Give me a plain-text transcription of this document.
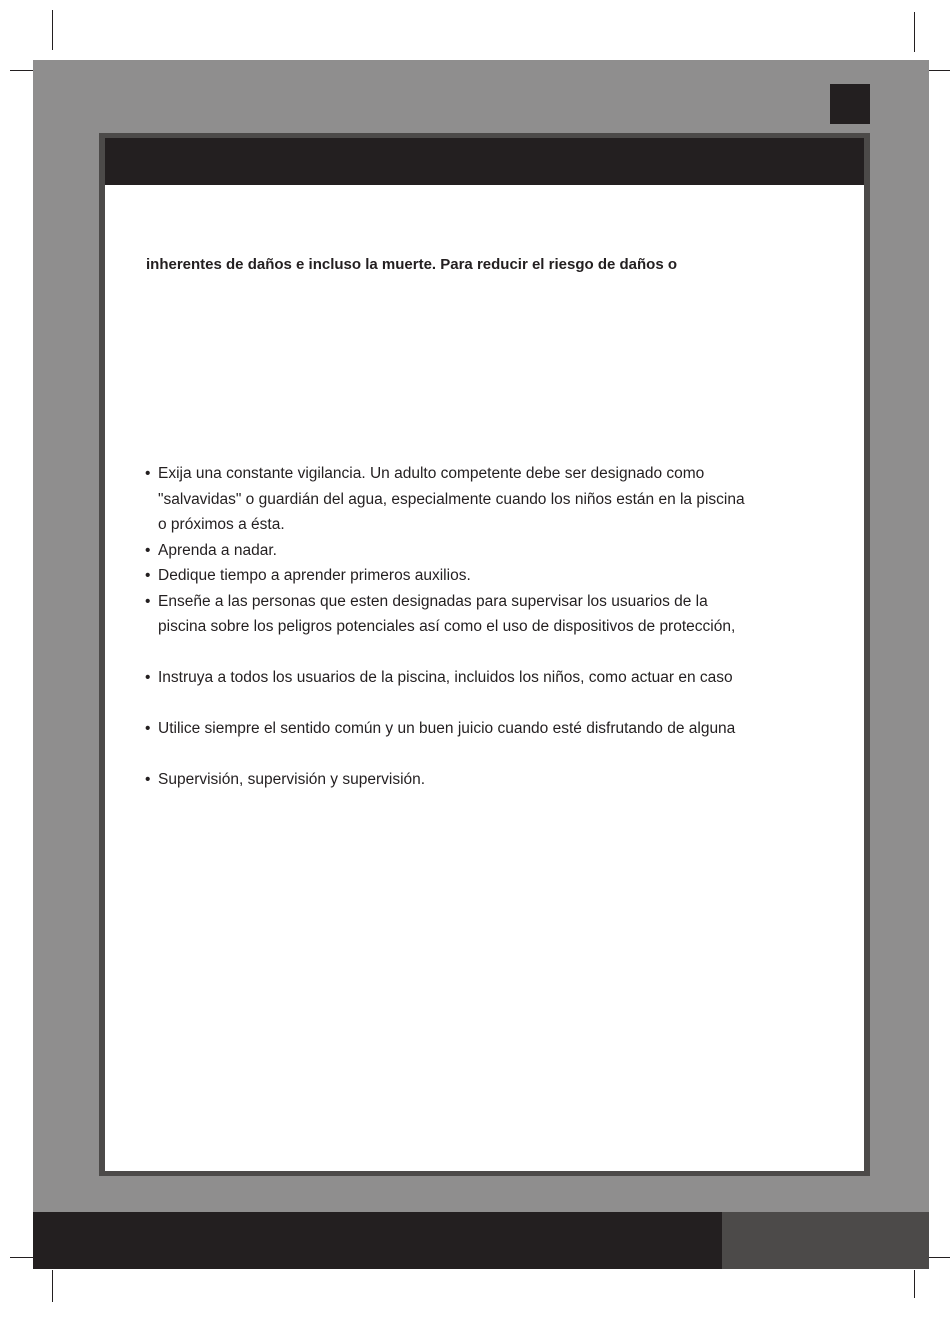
inherentes de daños e incluso la muerte. Para reducir el riesgo de daños o
• Exija una constante vigilancia. Un adulto competente debe ser designado como
"salvavidas" o guardián del agua, especialmente cuando los niños están en la piscina
o próximos a ésta.
• Aprenda a nadar.
• Dedique tiempo a aprender primeros auxilios.
• Enseñe a las personas que esten designadas para supervisar los usuarios de la
piscina sobre los peligros potenciales así como el uso de dispositivos de protección,
• Instruya a todos los usuarios de la piscina, incluidos los niños, como actuar en caso
• Utilice siempre el sentido común y un buen juicio cuando esté disfrutando de alguna
• Supervisión, supervisión y supervisión.
